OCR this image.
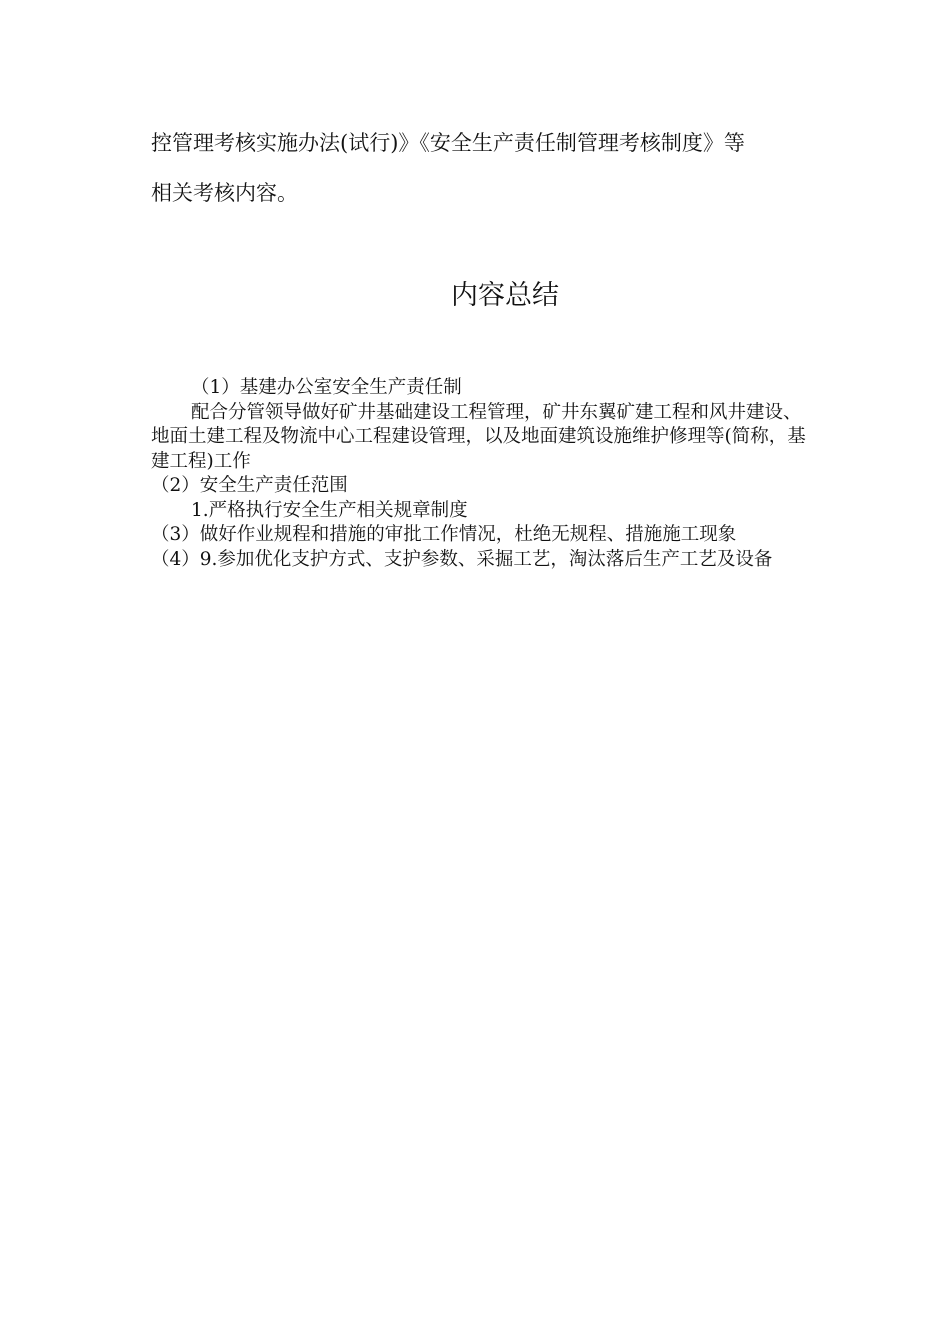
控管理考核实施办法(试行)》《安全生产责任制管理考核制度》等

相关考核内容。

内容总结

（1）基建办公室安全生产责任制

配合分管领导做好矿井基础建设工程管理，矿井东翼矿建工程和风井建设、地面土建工程及物流中心工程建设管理，以及地面建筑设施维护修理等(简称，基建工程)工作

（2）安全生产责任范围

1.严格执行安全生产相关规章制度

（3）做好作业规程和措施的审批工作情况，杜绝无规程、措施施工现象

（4）9.参加优化支护方式、支护参数、采掘工艺，淘汰落后生产工艺及设备
